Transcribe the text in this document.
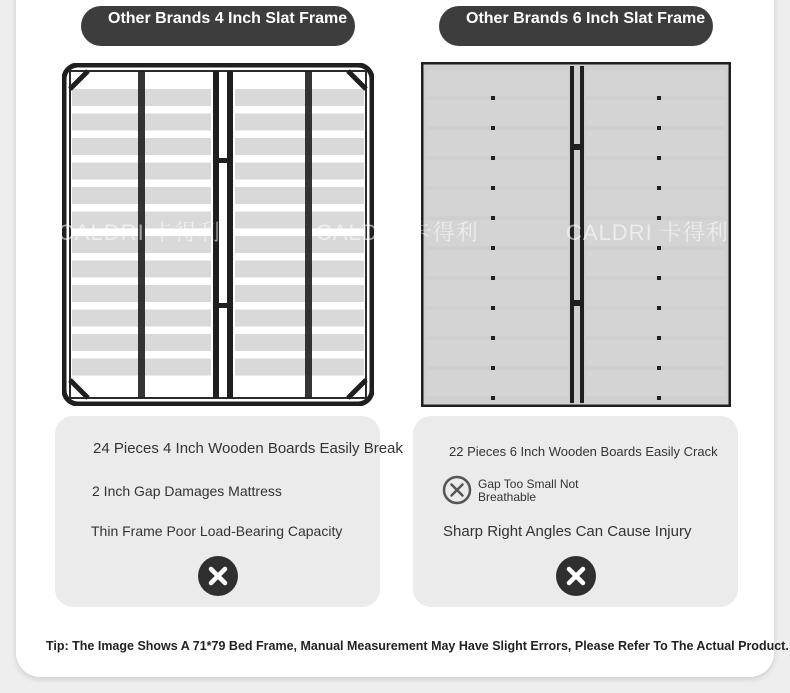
Other Brands 4 Inch Slat Frame	Other Brands 6 Inch Slat Frame
CALDRI 卡得利	CALDRI 卡得利	CALDRI 卡得利
24 Pieces 4 Inch Wooden Boards Easily Break
2 Inch Gap Damages Mattress
Thin Frame Poor Load-Bearing Capacity
22 Pieces 6 Inch Wooden Boards Easily Crack
Gap Too Small Not Breathable
Sharp Right Angles Can Cause Injury
Tip: The Image Shows A 71*79 Bed Frame, Manual Measurement May Have Slight Errors, Please Refer To The Actual Product.
